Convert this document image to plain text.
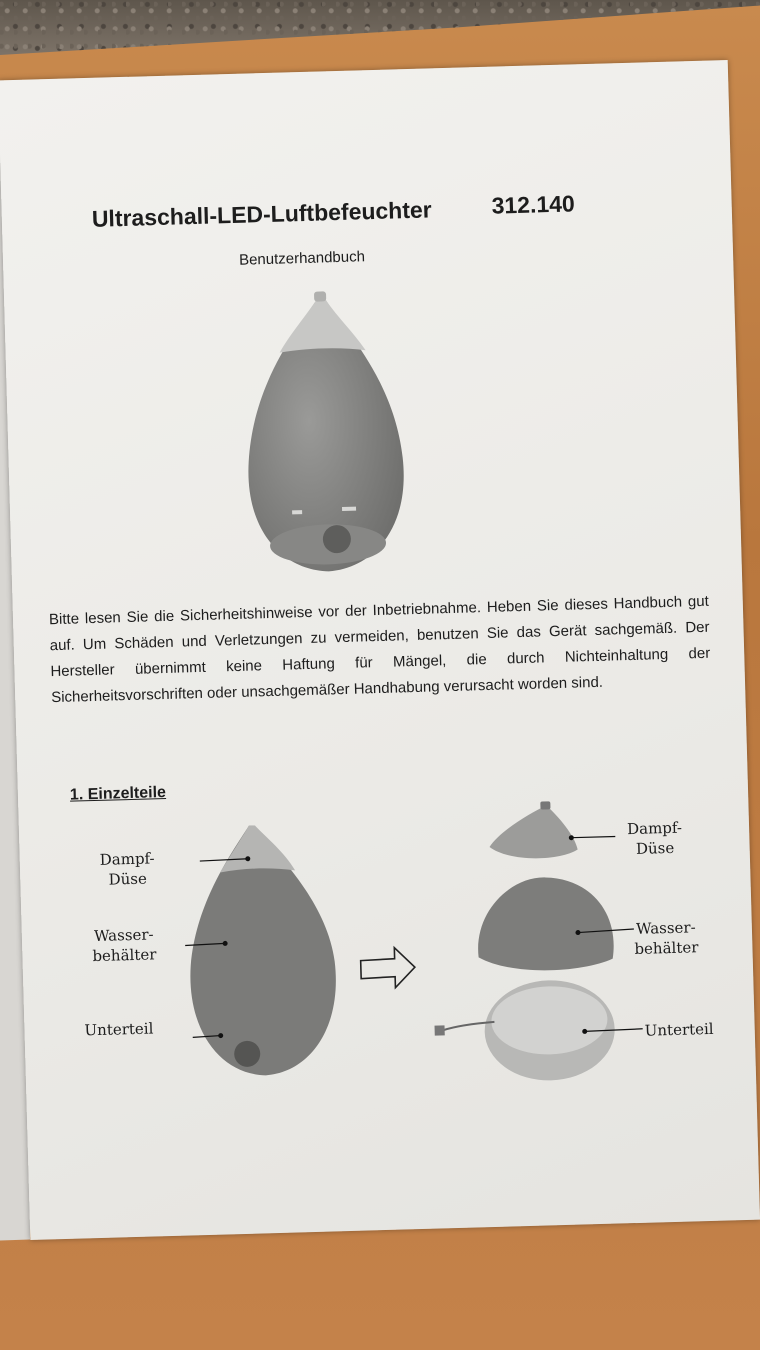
Ultraschall-LED-Luftbefeuchter	312.140
Benutzerhandbuch
Bitte lesen Sie die Sicherheitshinweise vor der Inbetriebnahme. Heben Sie dieses Handbuch gut auf. Um Schäden und Verletzungen zu vermeiden, benutzen Sie das Gerät sachgemäß. Der Hersteller übernimmt keine Haftung für Mängel, die durch Nichteinhaltung der Sicherheitsvorschriften oder unsachgemäßer Handhabung verursacht worden sind.
1. Einzelteile
Dampf-
Düse
Wasser-
behälter
Unterteil
Dampf-
Düse
Wasser-
behälter
Unterteil
